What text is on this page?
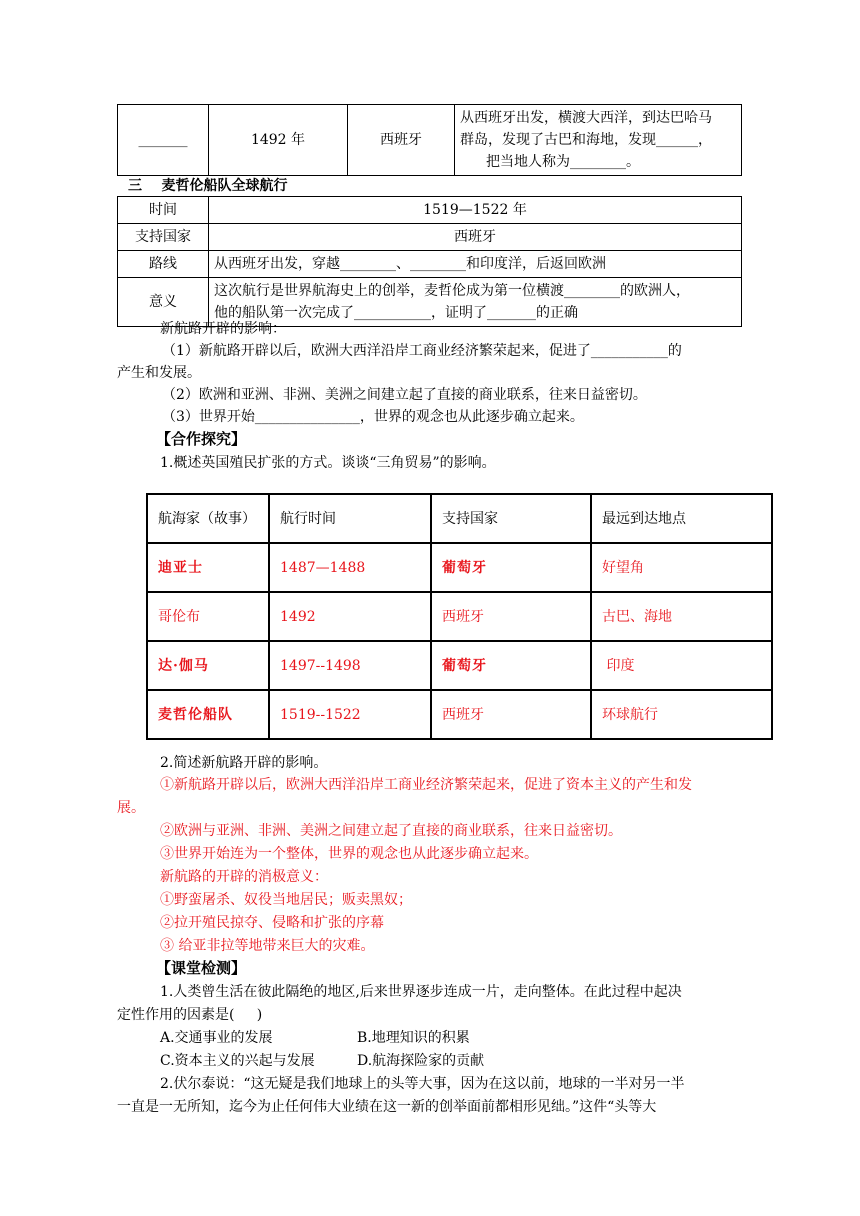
_______	1492 年	西班牙	
从西班牙出发，横渡大西洋，到达巴哈马
群岛，发现了古巴和海地，发现______，
把当地人称为________。
三    麦哲伦船队全球航行
时间	1519—1522 年
支持国家	西班牙
路线	从西班牙出发，穿越________、________和印度洋，后返回欧洲
意义	这次航行是世界航海史上的创举，麦哲伦成为第一位横渡________的欧洲人，
他的船队第一次完成了___________，证明了_______的正确
新航路开辟的影响：
（1）新航路开辟以后，欧洲大西洋沿岸工商业经济繁荣起来，促进了___________的
产生和发展。
（2）欧洲和亚洲、非洲、美洲之间建立起了直接的商业联系，往来日益密切。
（3）世界开始_______________，世界的观念也从此逐步确立起来。
【合作探究】
1.概述英国殖民扩张的方式。谈谈“三角贸易”的影响。
航海家（故事）	航行时间	支持国家	最远到达地点
迪亚士	1487—1488	葡萄牙	好望角
哥伦布	1492	西班牙	古巴、海地
达·伽马	1497--1498	葡萄牙	印度
麦哲伦船队	1519--1522	西班牙	环球航行
2.简述新航路开辟的影响。
①新航路开辟以后，欧洲大西洋沿岸工商业经济繁荣起来，促进了资本主义的产生和发
展。
②欧洲与亚洲、非洲、美洲之间建立起了直接的商业联系，往来日益密切。
③世界开始连为一个整体，世界的观念也从此逐步确立起来。
新航路的开辟的消极意义：
①野蛮屠杀、奴役当地居民；贩卖黑奴；
②拉开殖民掠夺、侵略和扩张的序幕
③ 给亚非拉等地带来巨大的灾难。
【课堂检测】
1.人类曾生活在彼此隔绝的地区,后来世界逐步连成一片，走向整体。在此过程中起决
定性作用的因素是(     )
A.交通事业的发展	B.地理知识的积累
C.资本主义的兴起与发展	D.航海探险家的贡献
2.伏尔泰说：“这无疑是我们地球上的头等大事，因为在这以前，地球的一半对另一半
一直是一无所知，迄今为止任何伟大业绩在这一新的创举面前都相形见绌。”这件“头等大
